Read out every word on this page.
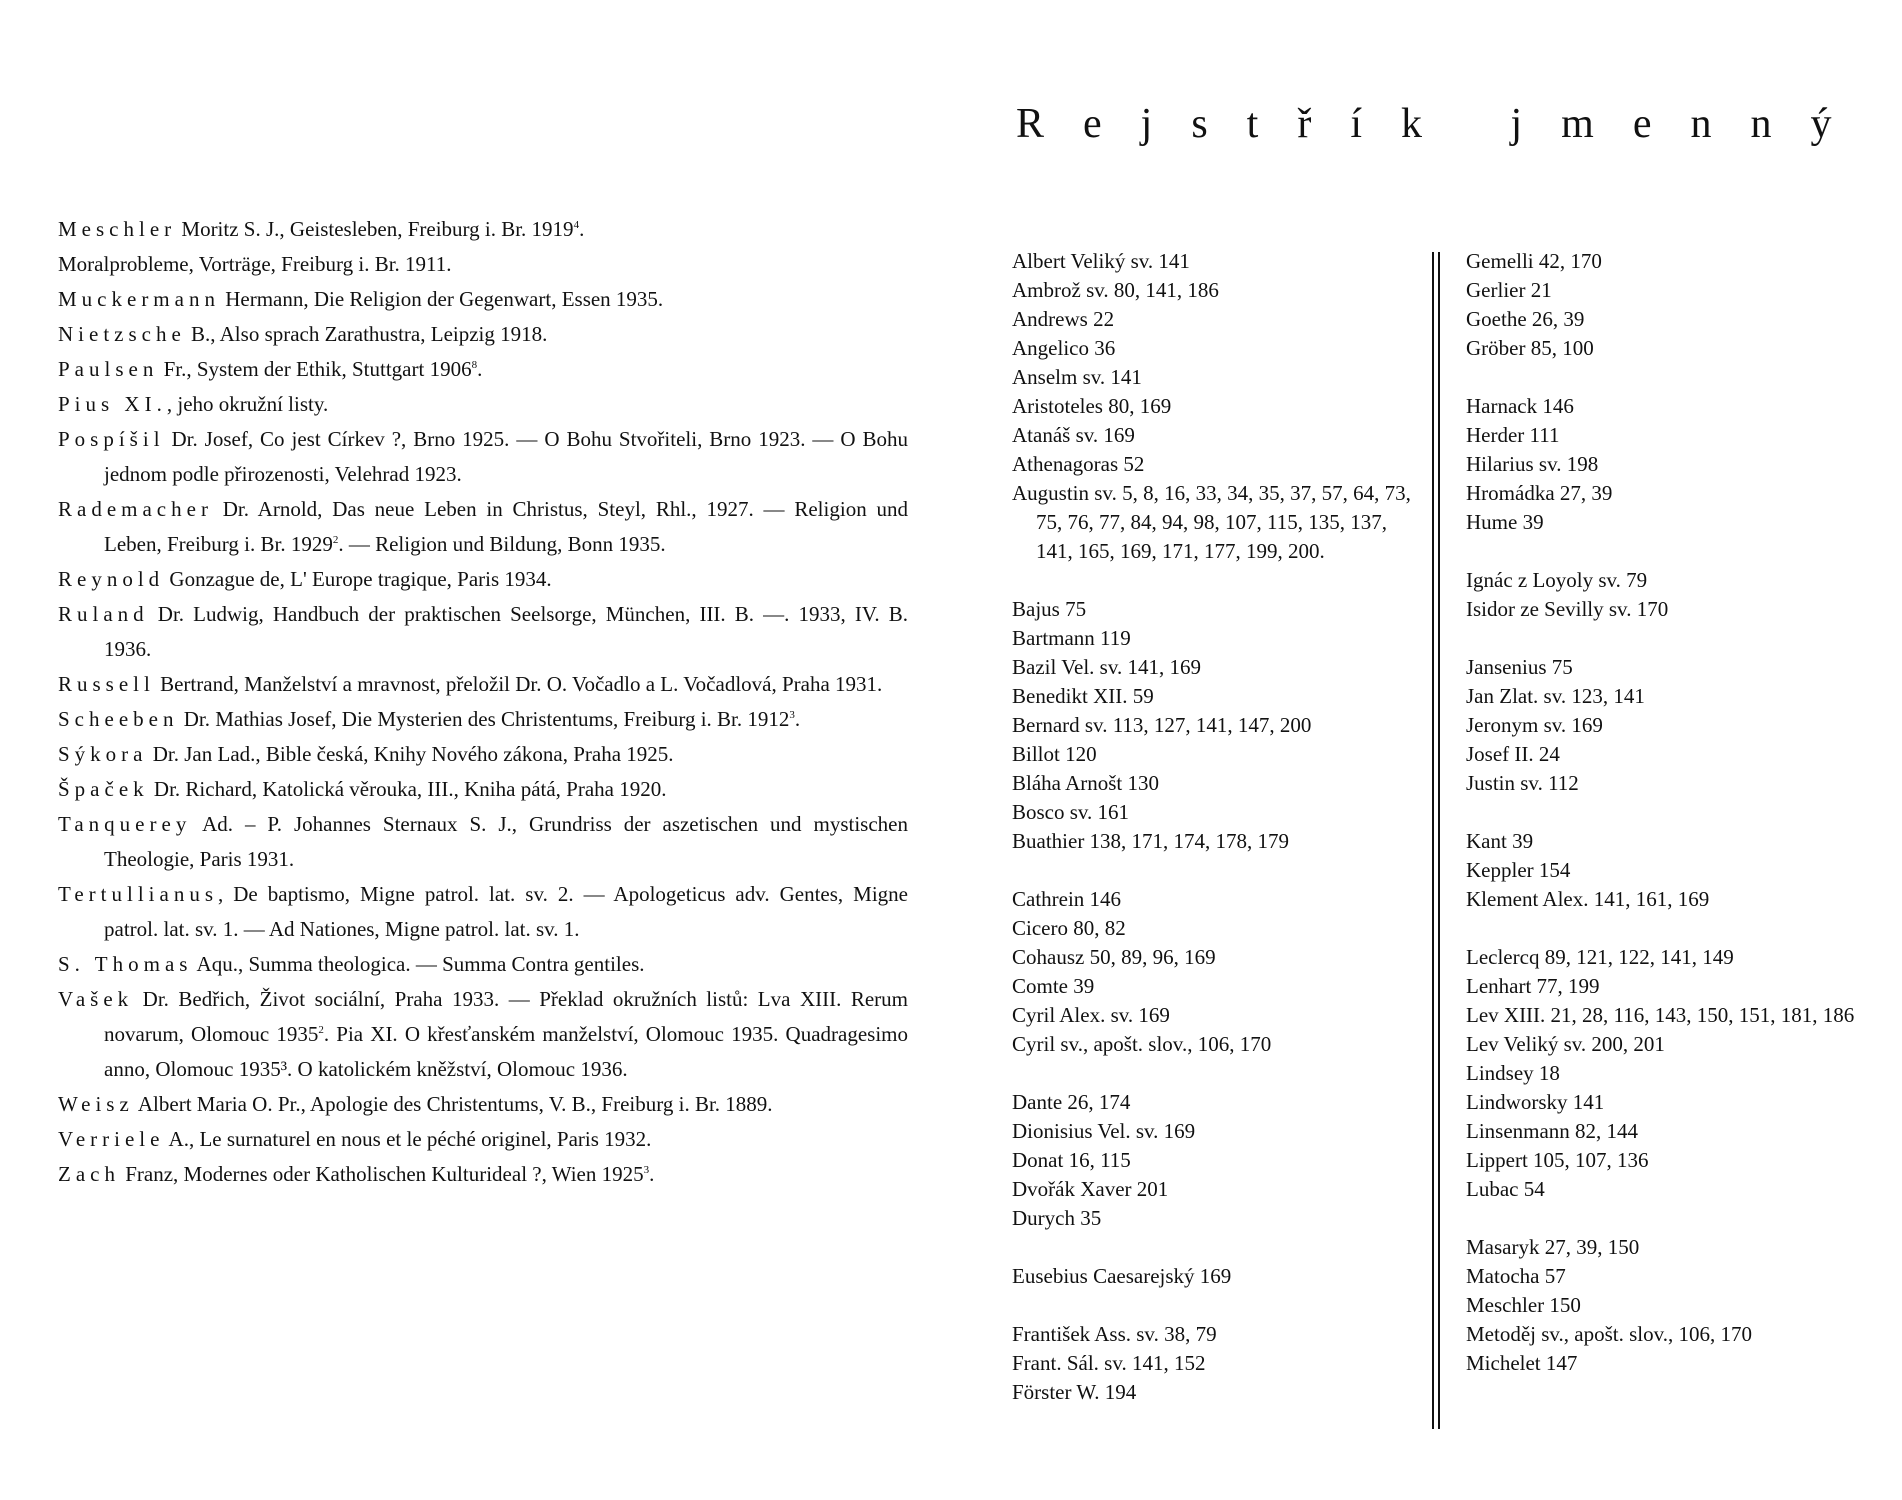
Meschler Moritz S. J., Geistesleben, Freiburg i. Br. 1919$^4$.

Moralprobleme, Vorträge, Freiburg i. Br. 1911.

Muckermann Hermann, Die Religion der Gegenwart, Essen 1935.

Nietzsche B., Also sprach Zarathustra, Leipzig 1918.

Paulsen Fr., System der Ethik, Stuttgart 1906$^8$.

Pius XI., jeho okružní listy.

Pospíšil Dr. Josef, Co jest Církev ?, Brno 1925. — O Bohu Stvořiteli, Brno 1923. — O Bohu jednom podle přirozenosti, Velehrad 1923.

Rademacher Dr. Arnold, Das neue Leben in Christus, Steyl, Rhl., 1927. — Religion und Leben, Freiburg i. Br. 1929$^2$. — Religion und Bildung, Bonn 1935.

Reynold Gonzague de, L' Europe tragique, Paris 1934.

Ruland Dr. Ludwig, Handbuch der praktischen Seelsorge, München, III. B. —. 1933, IV. B. 1936.

Russell Bertrand, Manželství a mravnost, přeložil Dr. O. Vočadlo a L. Vočadlová, Praha 1931.

Scheeben Dr. Mathias Josef, Die Mysterien des Christentums, Freiburg i. Br. 1912$^3$.

Sýkora Dr. Jan Lad., Bible česká, Knihy Nového zákona, Praha 1925.

Špaček Dr. Richard, Katolická věrouka, III., Kniha pátá, Praha 1920.

Tanquerey Ad. – P. Johannes Sternaux S. J., Grundriss der aszetischen und mystischen Theologie, Paris 1931.

Tertullianus, De baptismo, Migne patrol. lat. sv. 2. — Apologeticus adv. Gentes, Migne patrol. lat. sv. 1. — Ad Nationes, Migne patrol. lat. sv. 1.

S. Thomas Aqu., Summa theologica. — Summa Contra gentiles.

Vašek Dr. Bedřich, Život sociální, Praha 1933. — Překlad okružních listů: Lva XIII. Rerum novarum, Olomouc 1935$^2$. Pia XI. O křesťanském manželství, Olomouc 1935. Quadragesimo anno, Olomouc 1935³. O katolickém kněžství, Olomouc 1936.

Weisz Albert Maria O. Pr., Apologie des Christentums, V. B., Freiburg i. Br. 1889.

Verriele A., Le surnaturel en nous et le péché originel, Paris 1932.

Zach Franz, Modernes oder Katholischen Kulturideal ?, Wien 1925$^3$.

Rejstřík jmenný
Albert Veliký sv. 141
Ambrož sv. 80, 141, 186
Andrews 22
Angelico 36
Anselm sv. 141
Aristoteles 80, 169
Atanáš sv. 169
Athenagoras 52
Augustin sv. 5, 8, 16, 33, 34, 35, 37, 57, 64, 73, 75, 76, 77, 84, 94, 98, 107, 115, 135, 137, 141, 165, 169, 171, 177, 199, 200.
Bajus 75
Bartmann 119
Bazil Vel. sv. 141, 169
Benedikt XII. 59
Bernard sv. 113, 127, 141, 147, 200
Billot 120
Bláha Arnošt 130
Bosco sv. 161
Buathier 138, 171, 174, 178, 179
Cathrein 146
Cicero 80, 82
Cohausz 50, 89, 96, 169
Comte 39
Cyril Alex. sv. 169
Cyril sv., apošt. slov., 106, 170
Dante 26, 174
Dionisius Vel. sv. 169
Donat 16, 115
Dvořák Xaver 201
Durych 35
Eusebius Caesarejský 169
František Ass. sv. 38, 79
Frant. Sál. sv. 141, 152
Förster W. 194
Gemelli 42, 170
Gerlier 21
Goethe 26, 39
Gröber 85, 100
Harnack 146
Herder 111
Hilarius sv. 198
Hromádka 27, 39
Hume 39
Ignác z Loyoly sv. 79
Isidor ze Sevilly sv. 170
Jansenius 75
Jan Zlat. sv. 123, 141
Jeronym sv. 169
Josef II. 24
Justin sv. 112
Kant 39
Keppler 154
Klement Alex. 141, 161, 169
Leclercq 89, 121, 122, 141, 149
Lenhart 77, 199
Lev XIII. 21, 28, 116, 143, 150, 151, 181, 186
Lev Veliký sv. 200, 201
Lindsey 18
Lindworsky 141
Linsenmann 82, 144
Lippert 105, 107, 136
Lubac 54
Masaryk 27, 39, 150
Matocha 57
Meschler 150
Metoděj sv., apošt. slov., 106, 170
Michelet 147
